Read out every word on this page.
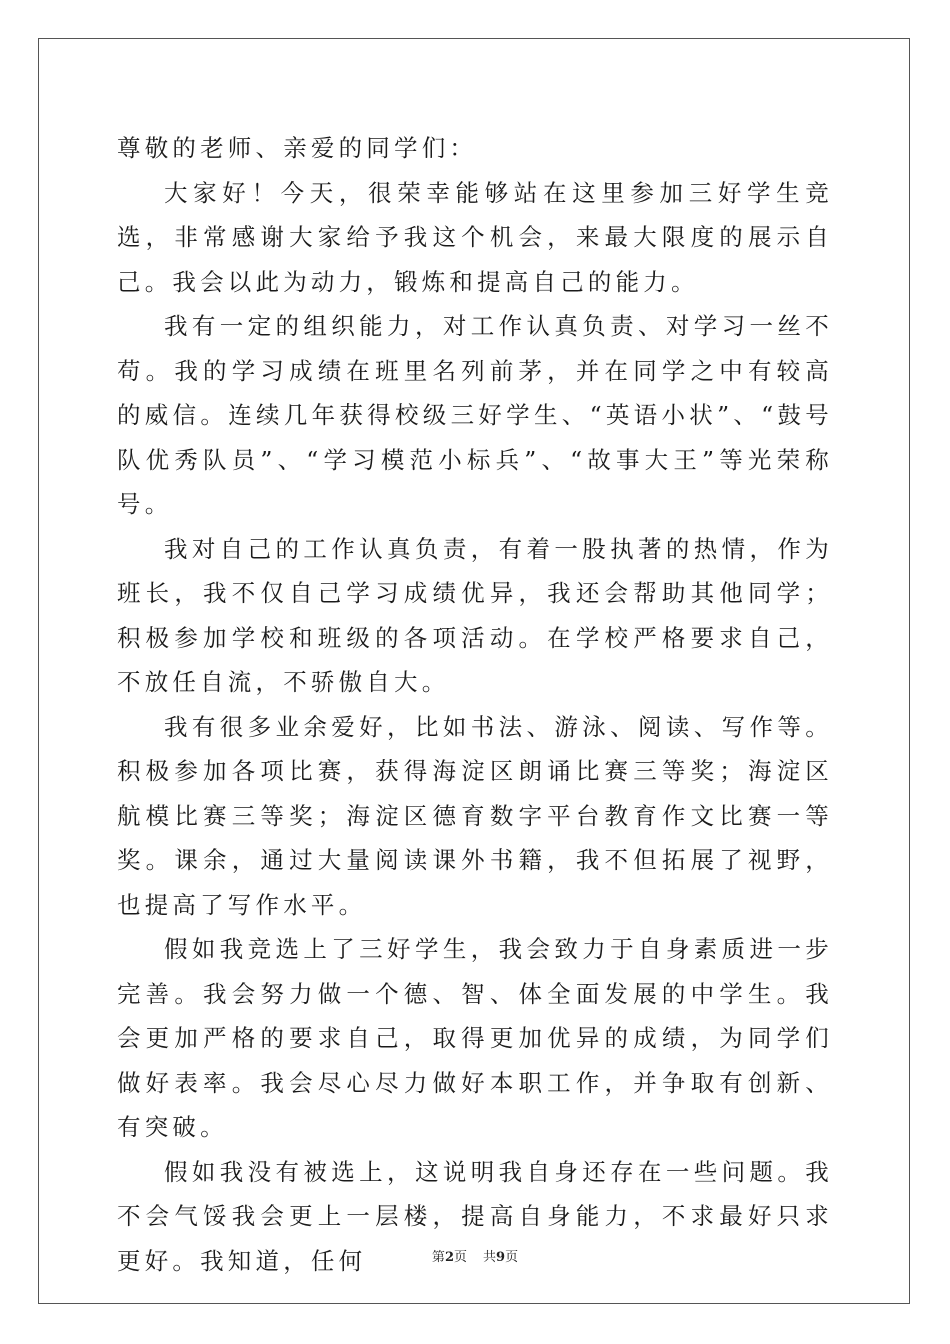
尊敬的老师、亲爱的同学们：

大家好！今天，很荣幸能够站在这里参加三好学生竞选，非常感谢大家给予我这个机会，来最大限度的展示自己。我会以此为动力，锻炼和提高自己的能力。

我有一定的组织能力，对工作认真负责、对学习一丝不苟。我的学习成绩在班里名列前茅，并在同学之中有较高的威信。连续几年获得校级三好学生、“英语小状”、“鼓号队优秀队员”、“学习模范小标兵”、“故事大王”等光荣称号。

我对自己的工作认真负责，有着一股执著的热情，作为班长，我不仅自己学习成绩优异，我还会帮助其他同学；积极参加学校和班级的各项活动。在学校严格要求自己，不放任自流，不骄傲自大。

我有很多业余爱好，比如书法、游泳、阅读、写作等。积极参加各项比赛，获得海淀区朗诵比赛三等奖；海淀区航模比赛三等奖；海淀区德育数字平台教育作文比赛一等奖。课余，通过大量阅读课外书籍，我不但拓展了视野，也提高了写作水平。

假如我竞选上了三好学生，我会致力于自身素质进一步完善。我会努力做一个德、智、体全面发展的中学生。我会更加严格的要求自己，取得更加优异的成绩，为同学们做好表率。我会尽心尽力做好本职工作，并争取有创新、有突破。

假如我没有被选上，这说明我自身还存在一些问题。我不会气馁我会更上一层楼，提高自身能力，不求最好只求更好。我知道，任何	第2页 共9页
